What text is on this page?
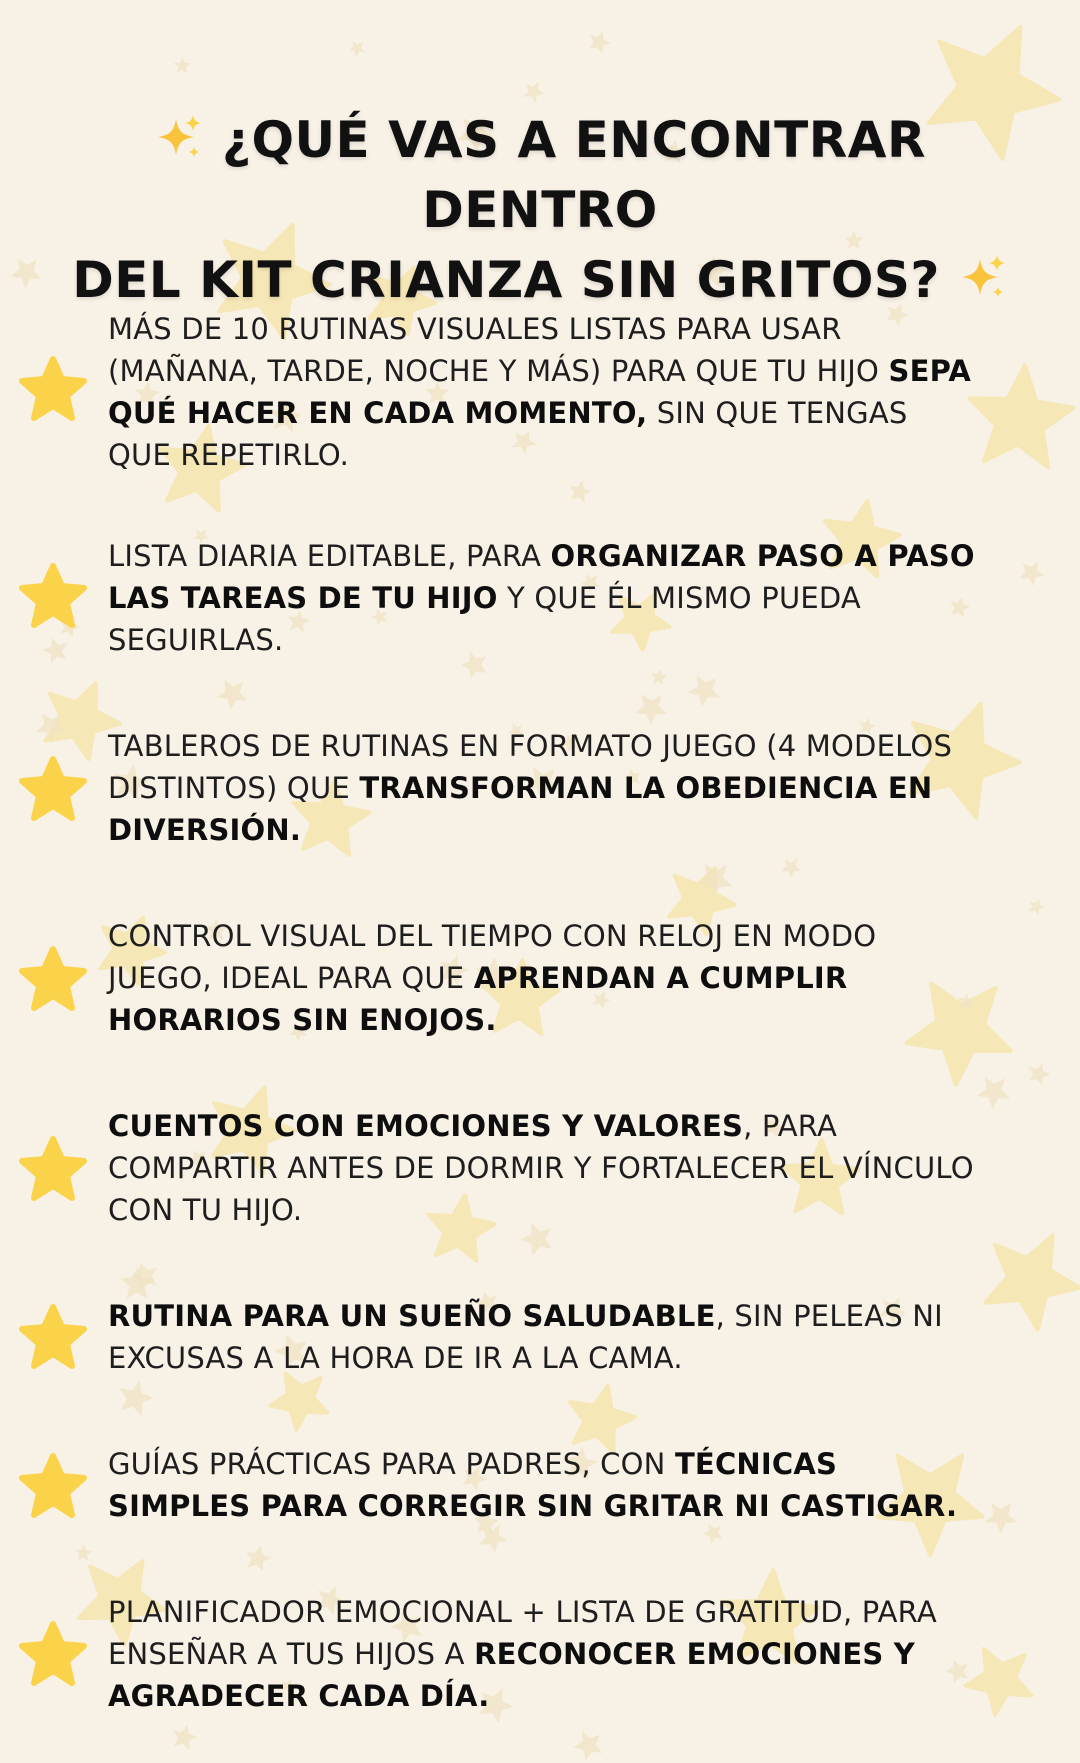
¿QUÉ VAS A ENCONTRAR DENTRO
DEL KIT CRIANZA SIN GRITOS?
MÁS DE 10 RUTINAS VISUALES LISTAS PARA USAR (MAÑANA, TARDE, NOCHE Y MÁS) PARA QUE TU HIJO SEPA QUÉ HACER EN CADA MOMENTO, SIN QUE TENGAS QUE REPETIRLO.
LISTA DIARIA EDITABLE, PARA ORGANIZAR PASO A PASO LAS TAREAS DE TU HIJO Y QUE ÉL MISMO PUEDA SEGUIRLAS.
TABLEROS DE RUTINAS EN FORMATO JUEGO (4 MODELOS DISTINTOS) QUE TRANSFORMAN LA OBEDIENCIA EN DIVERSIÓN.
CONTROL VISUAL DEL TIEMPO CON RELOJ EN MODO JUEGO, IDEAL PARA QUE APRENDAN A CUMPLIR HORARIOS SIN ENOJOS.
CUENTOS CON EMOCIONES Y VALORES, PARA COMPARTIR ANTES DE DORMIR Y FORTALECER EL VÍNCULO CON TU HIJO.
RUTINA PARA UN SUEÑO SALUDABLE, SIN PELEAS NI EXCUSAS A LA HORA DE IR A LA CAMA.
GUÍAS PRÁCTICAS PARA PADRES, CON TÉCNICAS SIMPLES PARA CORREGIR SIN GRITAR NI CASTIGAR.
PLANIFICADOR EMOCIONAL + LISTA DE GRATITUD, PARA ENSEÑAR A TUS HIJOS A RECONOCER EMOCIONES Y AGRADECER CADA DÍA.
